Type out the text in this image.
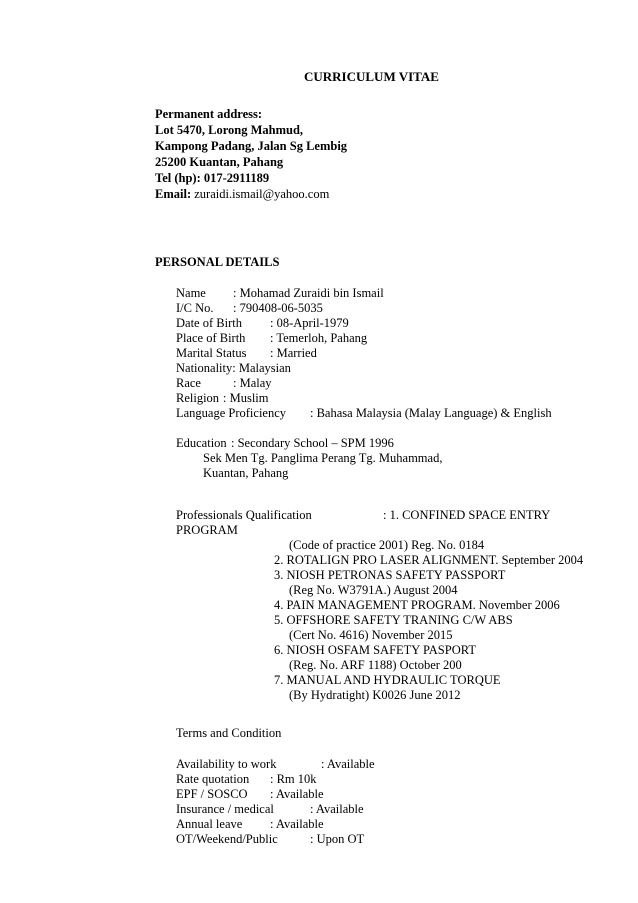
CURRICULUM VITAE
Permanent address:
Lot 5470, Lorong Mahmud,
Kampong Padang, Jalan Sg Lembig
25200 Kuantan, Pahang
Tel (hp): 017-2911189
Email: zuraidi.ismail@yahoo.com
PERSONAL DETAILS
Name : Mohamad Zuraidi bin Ismail
I/C No. : 790408-06-5035
Date of Birth : 08-April-1979
Place of Birth : Temerloh, Pahang
Marital Status : Married
Nationality: Malaysian
Race	: Malay
Religion : Muslim
Language Proficiency : Bahasa Malaysia (Malay Language) & English
Education : Secondary School – SPM 1996
Sek Men Tg. Panglima Perang Tg. Muhammad,
Kuantan, Pahang
Professionals Qualification	: 1. CONFINED SPACE ENTRY
PROGRAM
(Code of practice 2001) Reg. No. 0184
2. ROTALIGN PRO LASER ALIGNMENT. September 2004
3. NIOSH PETRONAS SAFETY PASSPORT
(Reg No. W3791A.) August 2004
4. PAIN MANAGEMENT PROGRAM. November 2006
5. OFFSHORE SAFETY TRANING C/W ABS
(Cert No. 4616) November 2015
6. NIOSH OSFAM SAFETY PASPORT
(Reg. No. ARF 1188) October 200
7. MANUAL AND HYDRAULIC TORQUE
(By Hydratight) K0026 June 2012
Terms and Condition
Availability to work	: Available
Rate quotation : Rm 10k
EPF / SOSCO : Available
Insurance / medical	: Available
Annual leave : Available
OT/Weekend/Public	: Upon OT
